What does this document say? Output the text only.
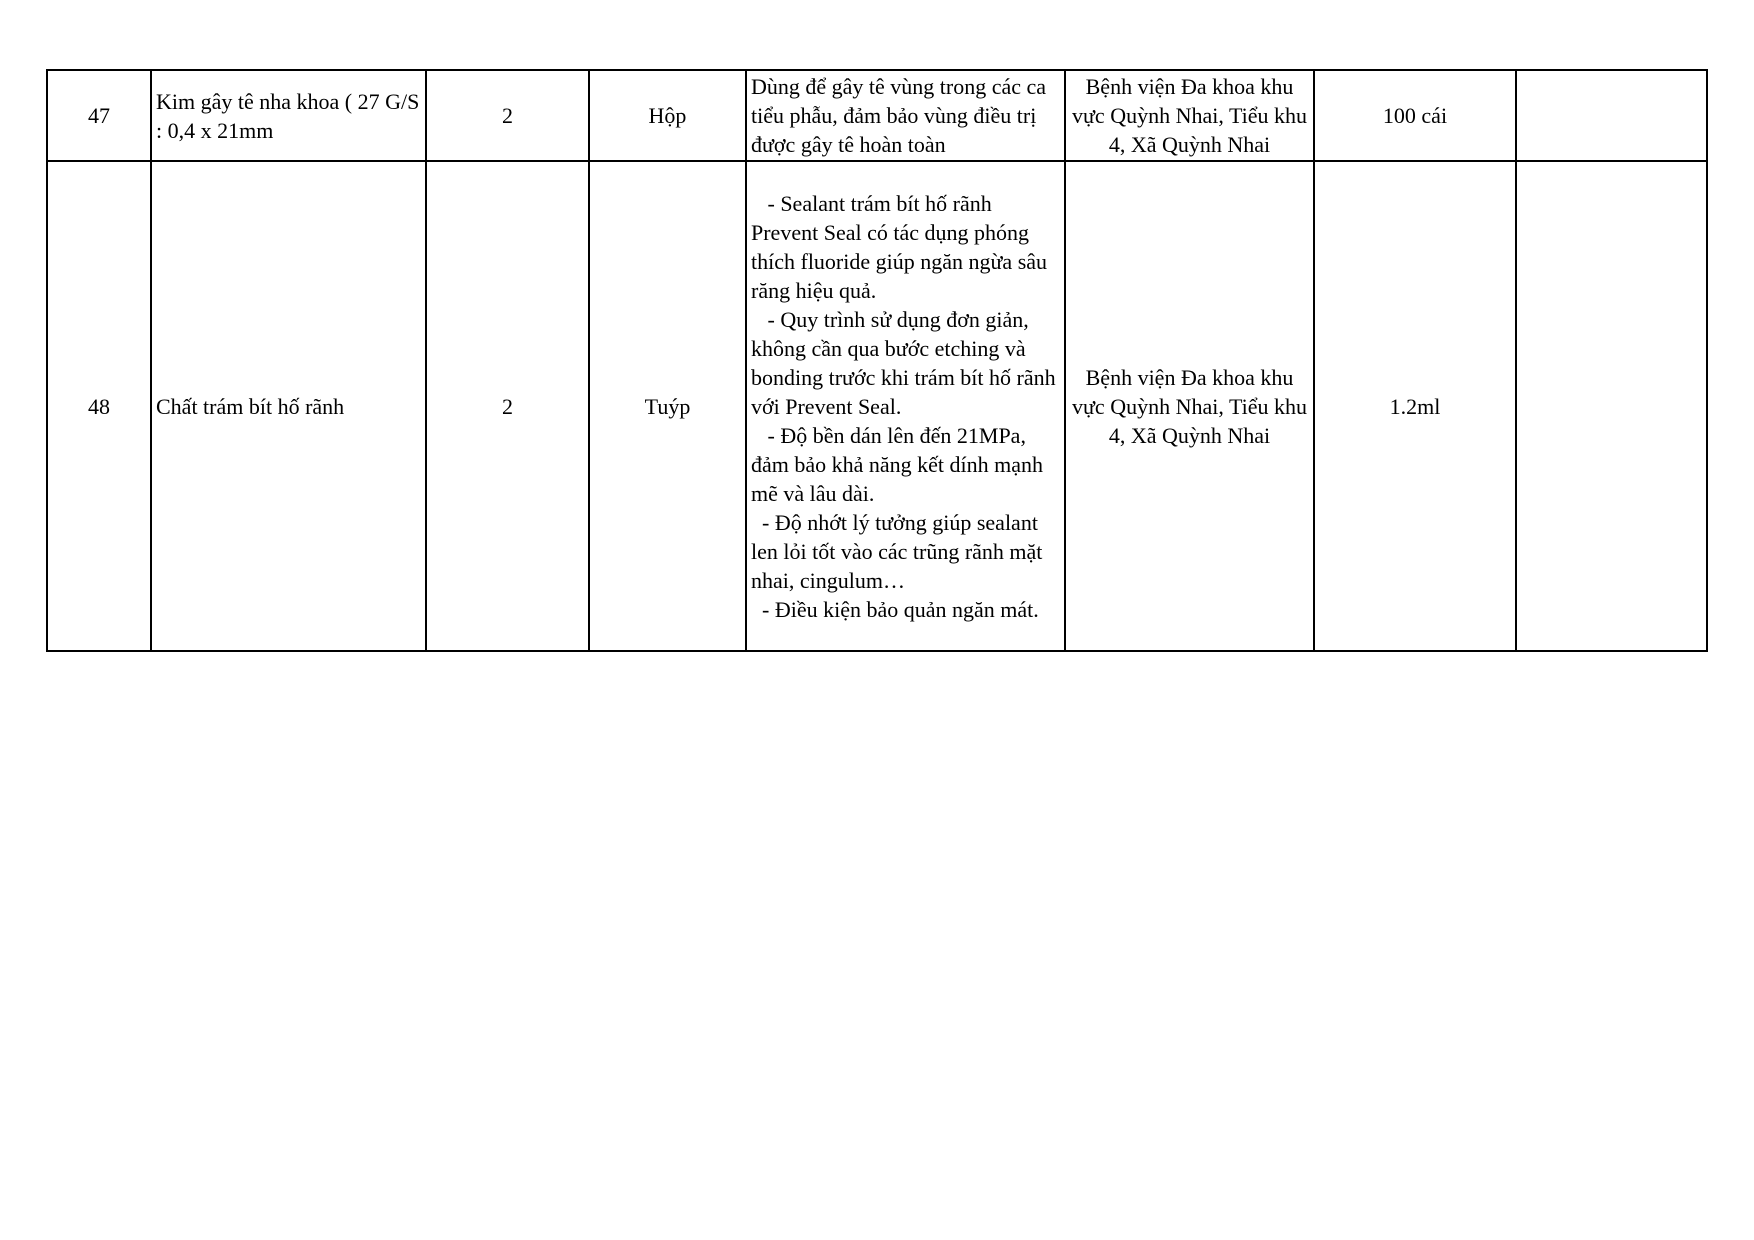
47	Kim gây tê nha khoa ( 27 G/S : 0,4 x 21mm	2	Hộp	Dùng để gây tê vùng trong các ca tiểu phẫu, đảm bảo vùng điều trị được gây tê hoàn toàn	Bệnh viện Đa khoa khu vực Quỳnh Nhai, Tiểu khu 4, Xã Quỳnh Nhai	100 cái	
48	Chất trám bít hố rãnh	2	Tuýp	- Sealant trám bít hố rãnh Prevent Seal có tác dụng phóng thích fluoride giúp ngăn ngừa sâu răng hiệu quả.
- Quy trình sử dụng đơn giản, không cần qua bước etching và bonding trước khi trám bít hố rãnh với Prevent Seal.
- Độ bền dán lên đến 21MPa, đảm bảo khả năng kết dính mạnh mẽ và lâu dài.
- Độ nhớt lý tưởng giúp sealant len lỏi tốt vào các trũng rãnh mặt nhai, cingulum…
- Điều kiện bảo quản ngăn mát.	Bệnh viện Đa khoa khu vực Quỳnh Nhai, Tiểu khu 4, Xã Quỳnh Nhai	1.2ml	
